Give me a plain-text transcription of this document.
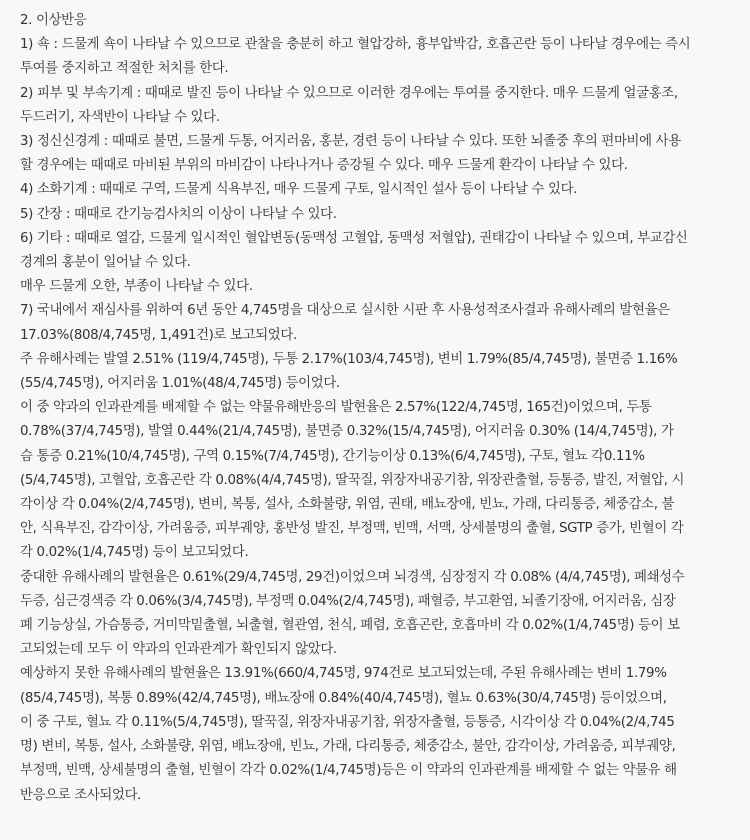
2. 이상반응

1) 쇽 : 드물게 쇽이 나타날 수 있으므로 관찰을 충분히 하고 혈압강하, 흉부압박감, 호흡곤란 등이 나타날 경우에는 즉시

투여를 중지하고 적절한 처치를 한다.

2) 피부 및 부속기계 : 때때로 발진 등이 나타날 수 있으므로 이러한 경우에는 투여를 중지한다. 매우 드물게 얼굴홍조,

두드러기, 자색반이 나타날 수 있다.

3) 정신신경계 : 때때로 불면, 드물게 두통, 어지러움, 홍분, 경련 등이 나타날 수 있다. 또한 뇌졸중 후의 편마비에 사용

할 경우에는 때때로 마비된 부위의 마비감이 나타나거나 증강될 수 있다. 매우 드물게 환각이 나타날 수 있다.

4) 소화기계 : 때때로 구역, 드물게 식욕부진, 매우 드물게 구토, 일시적인 설사 등이 나타날 수 있다.

5) 간장 : 때때로 간기능검사치의 이상이 나타날 수 있다.

6) 기타 : 때때로 열감, 드물게 일시적인 혈압변동(동맥성 고혈압, 동맥성 저혈압), 권태감이 나타날 수 있으며, 부교감신

경계의 홍분이 일어날 수 있다.

매우 드물게 오한, 부종이 나타날 수 있다.

7) 국내에서 재심사를 위하여 6년 동안 4,745명을 대상으로 실시한 시판 후 사용성적조사결과 유해사례의 발현율은

17.03%(808/4,745명, 1,491건)로 보고되었다.

주 유해사례는 발열 2.51% (119/4,745명), 두통 2.17%(103/4,745명), 변비 1.79%(85/4,745명), 불면증 1.16%

(55/4,745명), 어지러움 1.01%(48/4,745명) 등이었다.

이 중 약과의 인과관계를 배제할 수 없는 약물유해반응의 발현율은 2.57%(122/4,745명, 165건)이었으며, 두통

0.78%(37/4,745명), 발열 0.44%(21/4,745명), 불면증 0.32%(15/4,745명), 어지러움 0.30% (14/4,745명), 가

슴 통증 0.21%(10/4,745명), 구역 0.15%(7/4,745명), 간기능이상 0.13%(6/4,745명), 구토, 혈뇨 각0.11%

(5/4,745명), 고혈압, 호흡곤란 각 0.08%(4/4,745명), 딸꾹질, 위장자내공기참, 위장관출혈, 등통증, 발진, 저혈압, 시

각이상 각 0.04%(2/4,745명), 변비, 복통, 설사, 소화불량, 위염, 권태, 배뇨장애, 빈뇨, 가래, 다리통증, 체중감소, 불

안, 식욕부진, 감각이상, 가려움증, 피부궤양, 홍반성 발진, 부정맥, 빈맥, 서맥, 상세불명의 출혈, SGTP 증가, 빈혈이 각

각 0.02%(1/4,745명) 등이 보고되었다.

중대한 유해사례의 발현율은 0.61%(29/4,745명, 29건)이었으며 뇌경색, 심장정지 각 0.08% (4/4,745명), 폐쇄성수

두증, 심근경색증 각 0.06%(3/4,745명), 부정맥 0.04%(2/4,745명), 패혈증, 부고환염, 뇌졸기장애, 어지러움, 심장

폐 기능상실, 가슴통증, 거미막밑출혈, 뇌출혈, 혈관염, 천식, 폐렴, 호흡곤란, 호흡마비 각 0.02%(1/4,745명) 등이 보

고되었는데 모두 이 약과의 인과관계가 확인되지 않았다.

예상하지 못한 유해사례의 발현율은 13.91%(660/4,745명, 974건로 보고되었는데, 주된 유해사례는 변비 1.79%

(85/4,745명), 복통 0.89%(42/4,745명), 배뇨장애 0.84%(40/4,745명), 혈뇨 0.63%(30/4,745명) 등이었으며,

이 중 구토, 혈뇨 각 0.11%(5/4,745명), 딸꾹질, 위장자내공기참, 위장자출혈, 등통증, 시각이상 각 0.04%(2/4,745

명) 변비, 복통, 설사, 소화불량, 위염, 배뇨장애, 빈뇨, 가래, 다리통증, 체중감소, 불안, 감각이상, 가려움증, 피부궤양,

부정맥, 빈맥, 상세불명의 출혈, 빈혈이 각각 0.02%(1/4,745명)등은 이 약과의 인과관계를 배제할 수 없는 약물유 해

반응으로 조사되었다.
